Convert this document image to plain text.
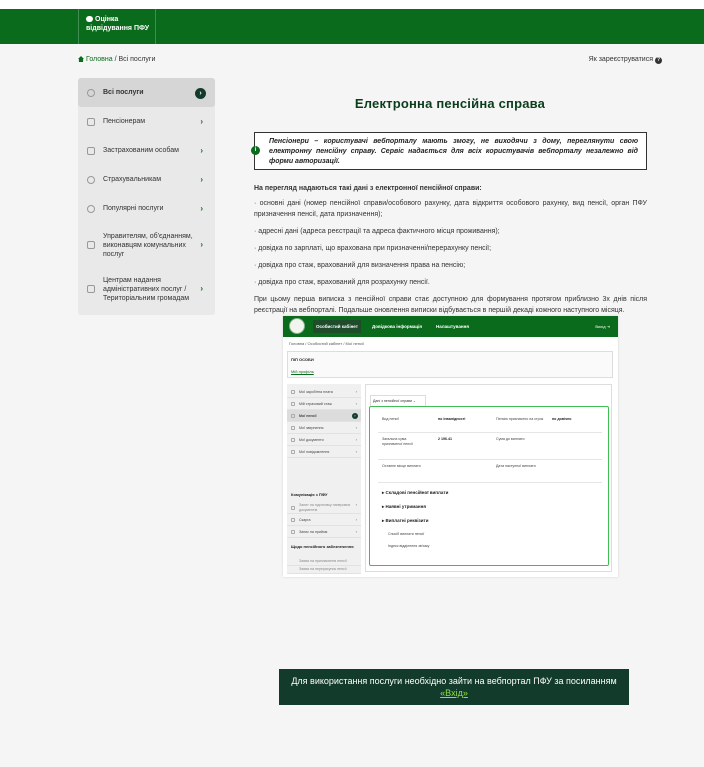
Оцінка
відвідування ПФУ
Головна / Всі послуги	Як зареєструватися ?
Всі послуги	›
Пенсіонерам	›
Застрахованим особам	›
Страхувальникам	›
Популярні послуги	›
Управителям, об'єднанням, виконавцям комунальних послуг
›
Центрам надання адміністративних послуг / Територіальним громадам
›
Електронна пенсійна справа
i
Пенсіонери – користувачі вебпорталу мають змогу, не виходячи з дому, переглянути свою електронну пенсійну справу. Сервіс надається для всіх користувачів вебпорталу незалежно від форми авторизації.

На перегляд надаються такі дані з електронної пенсійної справи:

· основні дані (номер пенсійної справи/особового рахунку, дата відкриття особового рахунку, вид пенсії, орган ПФУ призначення пенсії, дата призначення);

· адресні дані (адреса реєстрації та адреса фактичного місця проживання);

· довідка по зарплаті, що врахована при призначенні/перерахунку пенсії;

· довідка про стаж, врахований для визначення права на пенсію;

· довідка про стаж, врахований для розрахунку пенсії.

При цьому перша виписка з пенсійної справи стає доступною для формування протягом приблизно 3х днів після реєстрації на вебпорталі. Подальше оновлення виписки відбувається в першій декаді кожного наступного місяця.

Особистий кабінет	Довідкова інформація	Налаштування	Вихід ⇥
Головна / Особистий кабінет / Мої пенсії
ПІП ОСОБИ
Мій профіль
Мої заробітна плата	›
Мій страховий стаж	›
Мої пенсії	›
Мої звернення	›
Мої документи	›
Мої повідомлення	›
Комунікація з ПФУ
Запит на підготовку паперових документів
›
Скарга	›
Запис на прийом	›
Щодо пенсійного забезпечення
Заява на призначення пенсії
Заява на перерахунок пенсії
Дані з пенсійної справи ⌄
Вид пенсії	по інвалідності	Пенсію призначено на строк по довічно
Загальна сума призначеної пенсії
2 196.41	Сума до виплати
Останнє місце виплати	Дата наступної виплати
▸ Складові пенсійної виплати
▸ Наявні утримання
▸ Виплатні реквізити
Спосіб виплати пенсії
Індекс відділення зв'язку
Для використання послуги необхідно зайти на вебпортал ПФУ за посиланням
«Вхід»
